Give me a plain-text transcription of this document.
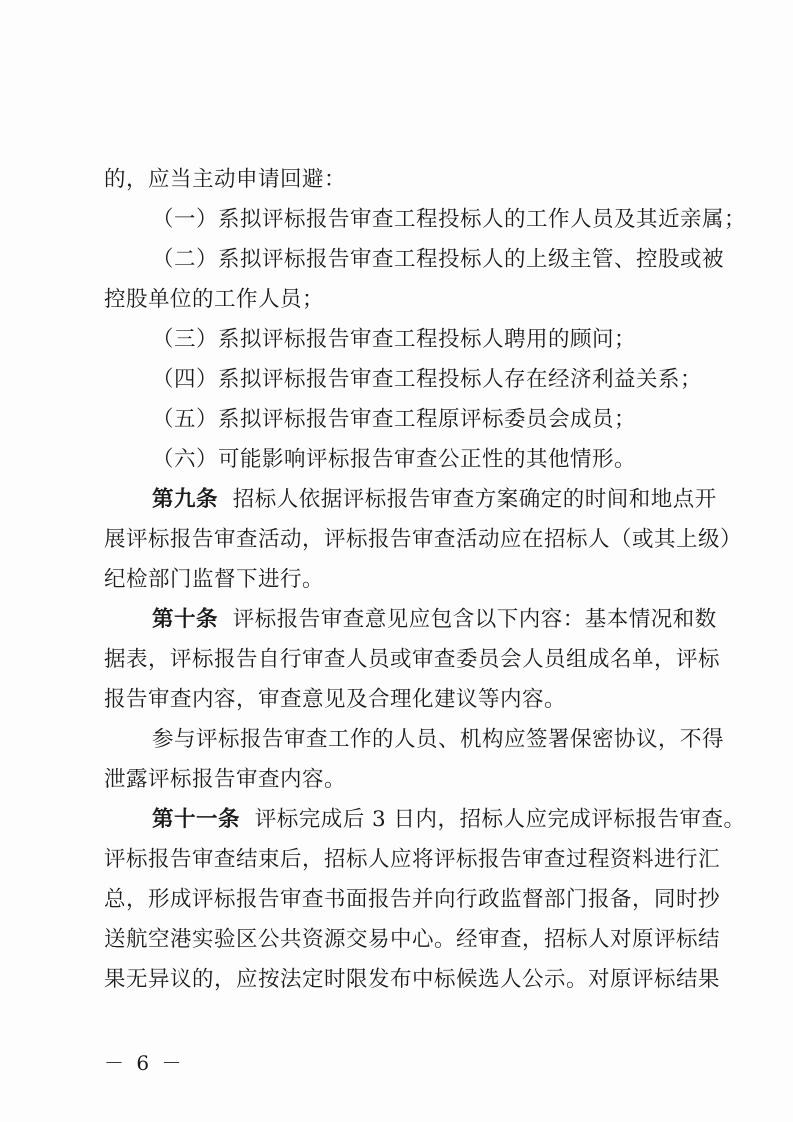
的，应当主动申请回避：
（一）系拟评标报告审查工程投标人的工作人员及其近亲属；
（二）系拟评标报告审查工程投标人的上级主管、控股或被
控股单位的工作人员；
（三）系拟评标报告审查工程投标人聘用的顾问；
（四）系拟评标报告审查工程投标人存在经济利益关系；
（五）系拟评标报告审查工程原评标委员会成员；
（六）可能影响评标报告审查公正性的其他情形。
第九条 招标人依据评标报告审查方案确定的时间和地点开
展评标报告审查活动，评标报告审查活动应在招标人（或其上级）
纪检部门监督下进行。
第十条 评标报告审查意见应包含以下内容：基本情况和数
据表，评标报告自行审查人员或审查委员会人员组成名单，评标
报告审查内容，审查意见及合理化建议等内容。
参与评标报告审查工作的人员、机构应签署保密协议，不得
泄露评标报告审查内容。
第十一条 评标完成后 3 日内，招标人应完成评标报告审查。
评标报告审查结束后，招标人应将评标报告审查过程资料进行汇
总，形成评标报告审查书面报告并向行政监督部门报备，同时抄
送航空港实验区公共资源交易中心。经审查，招标人对原评标结
果无异议的，应按法定时限发布中标候选人公示。对原评标结果
－ 6 －
